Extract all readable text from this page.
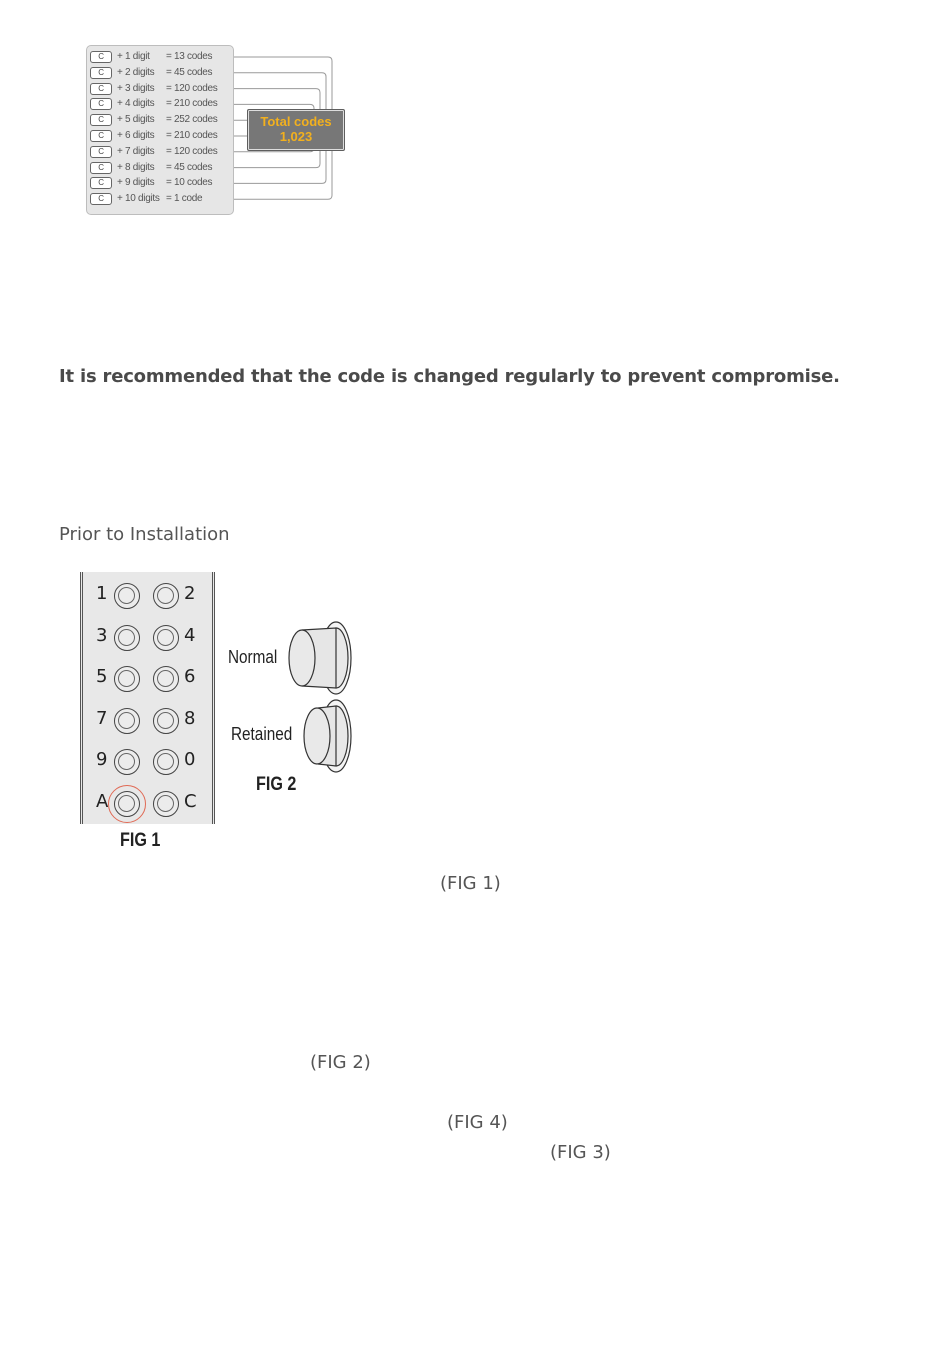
C	+ 1 digit = 13 codes
C	+ 2 digits = 45 codes
C	+ 3 digits = 120 codes
C	+ 4 digits = 210 codes
C	+ 5 digits = 252 codes
C	+ 6 digits = 210 codes
C	+ 7 digits = 120 codes
C	+ 8 digits = 45 codes
C	+ 9 digits = 10 codes
C	+ 10 digits = 1 code
Total codes
1,023
It is recommended that the code is changed regularly to prevent compromise.
Prior to Installation
1	2
3	4
5	6
7	8
9	0
A	C
FIG 1
Normal
Retained
FIG 2
(FIG 1)
(FIG 2)
(FIG 4)
(FIG 3)
